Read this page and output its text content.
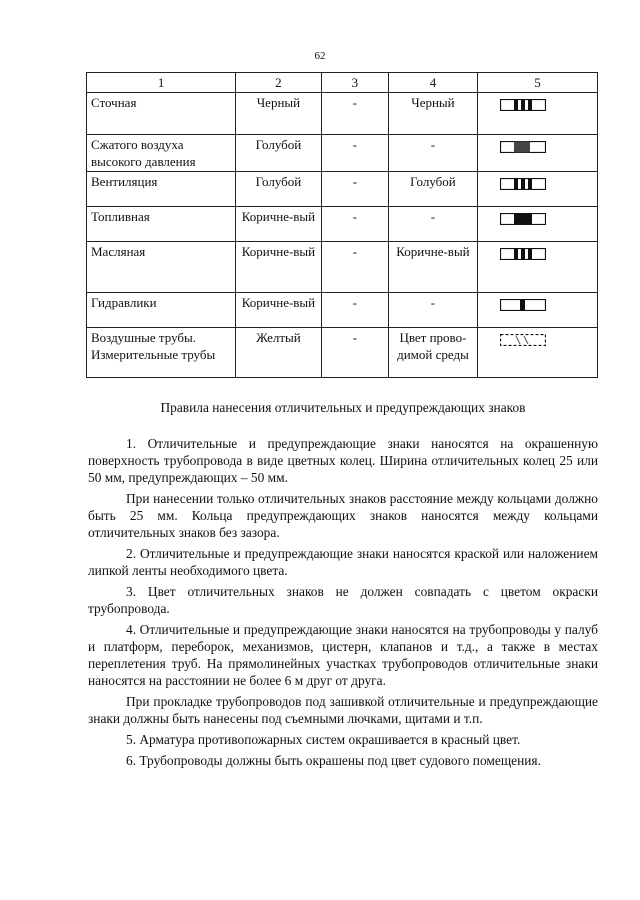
62
1	2	3	4	5
Сточная	Черный	-	Черный	

Сжатого воздуха высокого давления	Голубой	-	-	

Вентиляция	Голубой	-	Голубой	

Топливная	Коричне-вый	-	-	

Масляная	Коричне-вый	-	Коричне-вый	

Гидравлики	Коричне-вый	-	-	

Воздушные трубы. Измерительные трубы	Желтый	-	Цвет прово-димой среды	
Правила нанесения отличительных и предупреждающих знаков

1. Отличительные и предупреждающие знаки наносятся на окрашенную поверхность трубопровода в виде цветных колец. Ширина отличительных колец 25 или 50 мм, предупреждающих – 50 мм.

При нанесении только отличительных знаков расстояние между кольцами должно быть 25 мм. Кольца предупреждающих знаков наносятся между кольцами отличительных знаков без зазора.

2. Отличительные и предупреждающие знаки наносятся краской или наложением липкой ленты необходимого цвета.

3. Цвет отличительных знаков не должен совпадать с цветом окраски трубопровода.

4. Отличительные и предупреждающие знаки наносятся на трубопроводы у палуб и платформ, переборок, механизмов, цистерн, клапанов и т.д., а также в местах переплетения труб. На прямолинейных участках трубопроводов отличительные знаки наносятся на расстоянии не более 6 м друг от друга.

При прокладке трубопроводов под зашивкой отличительные и предупреждающие знаки должны быть нанесены под съемными лючками, щитами и т.п.

5. Арматура противопожарных систем окрашивается в красный цвет.

6. Трубопроводы должны быть окрашены под цвет судового помещения.
